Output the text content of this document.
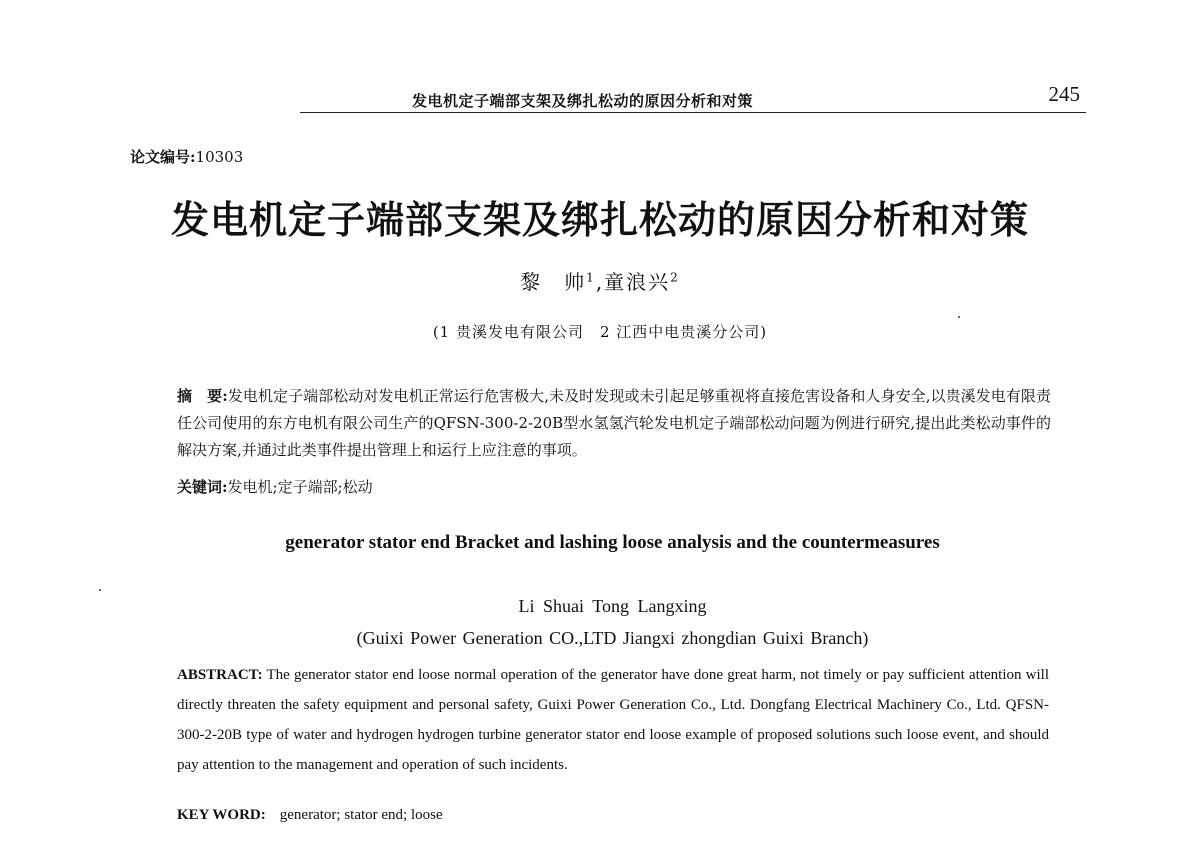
发电机定子端部支架及绑扎松动的原因分析和对策	245
论文编号:10303
发电机定子端部支架及绑扎松动的原因分析和对策
黎　帅$^1$,童浪兴$^2$
(1 贵溪发电有限公司　2 江西中电贵溪分公司)
摘　要:发电机定子端部松动对发电机正常运行危害极大,未及时发现或未引起足够重视将直接危害设备和人身安全,以贵溪发电有限责任公司使用的东方电机有限公司生产的QFSN-300-2-20B型水氢氢汽轮发电机定子端部松动问题为例进行研究,提出此类松动事件的解决方案,并通过此类事件提出管理上和运行上应注意的事项。
关键词:发电机;定子端部;松动
generator stator end Bracket and lashing loose analysis and the countermeasures
Li Shuai Tong Langxing
(Guixi Power Generation CO.,LTD Jiangxi zhongdian Guixi Branch)
ABSTRACT: The generator stator end loose normal operation of the generator have done great harm, not timely or pay sufficient attention will directly threaten the safety equipment and personal safety, Guixi Power Generation Co., Ltd. Dongfang Electrical Machinery Co., Ltd. QFSN-300-2-20B type of water and hydrogen hydrogen turbine generator stator end loose example of proposed solutions such loose event, and should pay attention to the management and operation of such incidents.
KEY WORD: generator; stator end; loose
